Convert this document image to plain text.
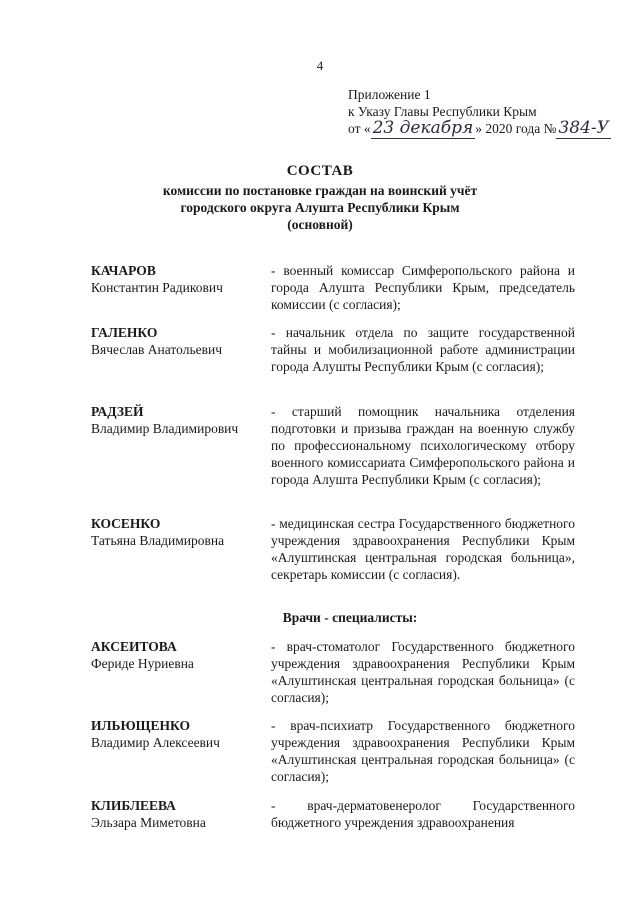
4
Приложение 1
к Указу Главы Республики Крым
от « 23 декабря » 2020 года № 384-У
СОСТАВ
комиссии по постановке граждан на воинский учёт
городского округа Алушта Республики Крым
(основной)
КАЧАРОВ
Константин Радикович
- военный комиссар Симферопольского района и города Алушта Республики Крым, председатель комиссии (с согласия);
ГАЛЕНКО
Вячеслав Анатольевич
- начальник отдела по защите государственной тайны и мобилизационной работе администрации города Алушты Республики Крым (с согласия);
РАДЗЕЙ
Владимир Владимирович
- старший помощник начальника отделения подготовки и призыва граждан на военную службу по профессиональному психологическому отбору военного комиссариата Симферопольского района и города Алушта Республики Крым (с согласия);
КОСЕНКО
Татьяна Владимировна
- медицинская сестра Государственного бюджетного учреждения здравоохранения Республики Крым «Алуштинская центральная городская больница», секретарь комиссии (с согласия).
Врачи - специалисты:
АКСЕИТОВА
Феридe Нуриевна
- врач-стоматолог Государственного бюджетного учреждения здравоохранения Республики Крым «Алуштинская центральная городская больница» (с согласия);
ИЛЬЮЩЕНКО
Владимир Алексеевич
- врач-психиатр Государственного бюджетного учреждения здравоохранения Республики Крым «Алуштинская центральная городская больница» (с согласия);
КЛИБЛЕЕВА
Эльзара Миметовна
- врач-дерматовенеролог Государственного бюджетного учреждения здравоохранения
